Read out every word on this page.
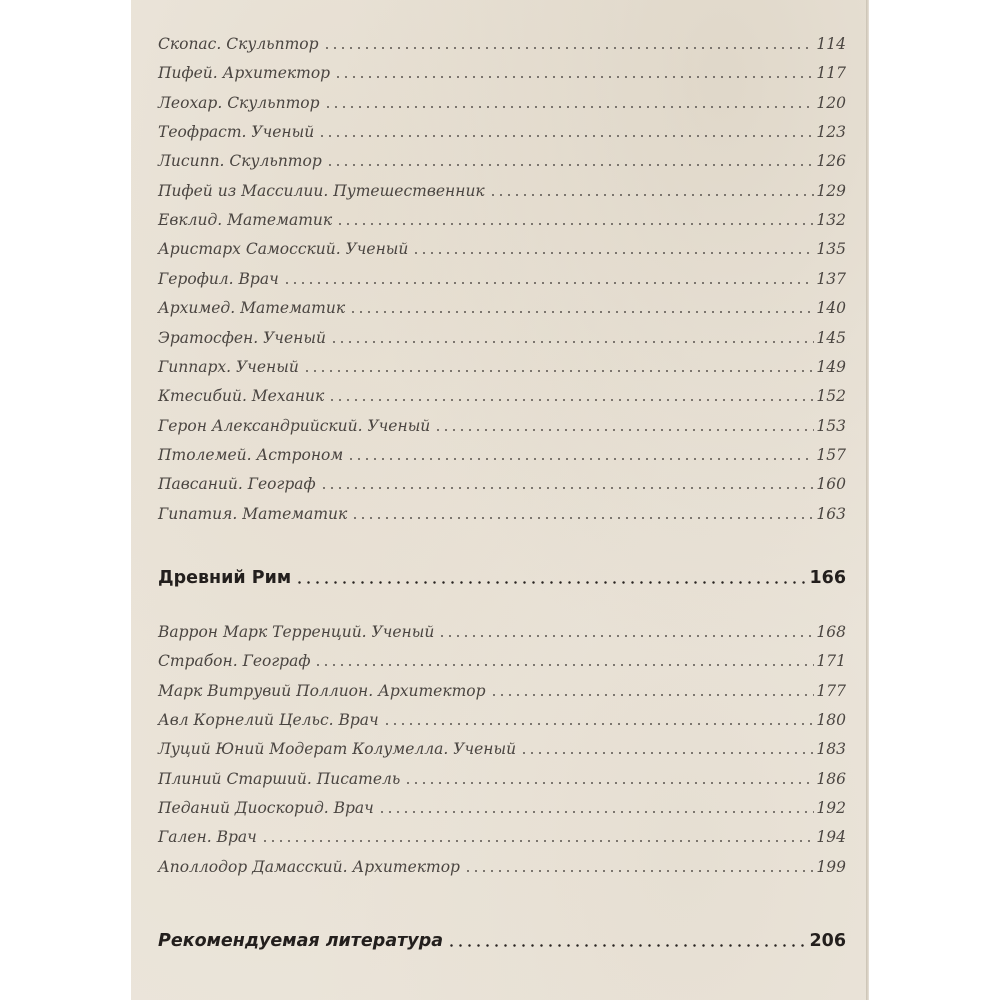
Скопас. Скульптор	114
Пифей. Архитектор	117
Леохар. Скульптор	120
Теофраст. Ученый	123
Лисипп. Скульптор	126
Пифей из Массилии. Путешественник	129
Евклид. Математик	132
Аристарх Самосский. Ученый	135
Герофил. Врач	137
Архимед. Математик	140
Эратосфен. Ученый	145
Гиппарх. Ученый	149
Ктесибий. Механик	152
Герон Александрийский. Ученый	153
Птолемей. Астроном	157
Павсаний. Географ	160
Гипатия. Математик	163
Древний Рим	166
Варрон Марк Терренций. Ученый	168
Страбон. Географ	171
Марк Витрувий Поллион. Архитектор	177
Авл Корнелий Цельс. Врач	180
Луций Юний Модерат Колумелла. Ученый	183
Плиний Старший. Писатель	186
Педаний Диоскорид. Врач	192
Гален. Врач	194
Аполлодор Дамасский. Архитектор	199
Рекомендуемая литература	206
